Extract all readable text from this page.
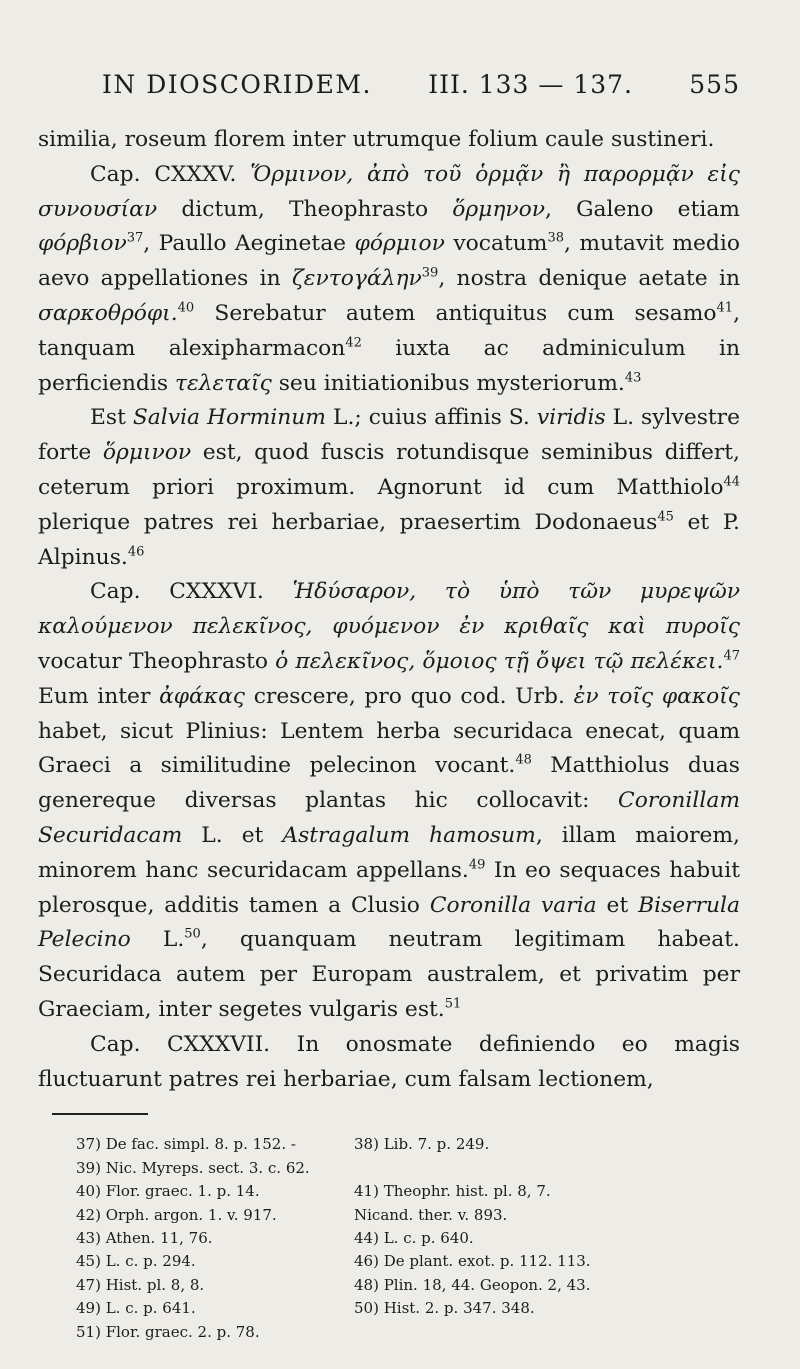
IN DIOSCORIDEM. III. 133 — 137. 555

similia, roseum florem inter utrumque folium caule sustineri.

Cap. CXXXV. Ὅρμινον, ἀπὸ τοῦ ὁρμᾷν ἢ παρορμᾷν εἰς συνουσίαν dictum, Theophrasto ὅρμηνον, Galeno etiam φόρβιον$^{37}$, Paullo Aeginetae φόρμιον vocatum$^{38}$, mutavit medio aevo appellationes in ζεντογάλην$^{39}$, nostra denique aetate in σαρκοθρόφι.$^{40}$ Serebatur autem antiquitus cum sesamo$^{41}$, tanquam alexipharmacon$^{42}$ iuxta ac adminiculum in perficiendis τελεταῖς seu initiationibus mysteriorum.$^{43}$

Est Salvia Horminum L.; cuius affinis S. viridis L. sylvestre forte ὅρμινον est, quod fuscis rotundisque seminibus differt, ceterum priori proximum. Agnorunt id cum Matthiolo$^{44}$ plerique patres rei herbariae, praesertim Dodonaeus$^{45}$ et P. Alpinus.$^{46}$

Cap. CXXXVI. Ἡδύσαρον, τὸ ὑπὸ τῶν μυρεψῶν καλούμενον πελεκῖνος, φυόμενον ἐν κριθαῖς καὶ πυροῖς vocatur Theophrasto ὁ πελεκῖνος, ὅμοιος τῇ ὄψει τῷ πελέκει.$^{47}$ Eum inter ἀφάκας crescere, pro quo cod. Urb. ἐν τοῖς φακοῖς habet, sicut Plinius: Lentem herba securidaca enecat, quam Graeci a similitudine pelecinon vocant.$^{48}$ Matthiolus duas genereque diversas plantas hic collocavit: Coronillam Securidacam L. et Astragalum hamosum, illam maiorem, minorem hanc securidacam appellans.$^{49}$ In eo sequaces habuit plerosque, additis tamen a Clusio Coronilla varia et Biserrula Pelecino L.$^{50}$, quanquam neutram legitimam habeat. Securidaca autem per Europam australem, et privatim per Graeciam, inter segetes vulgaris est.$^{51}$

Cap. CXXXVII. In onosmate definiendo eo magis fluctuarunt patres rei herbariae, cum falsam lectionem,

37) De fac. simpl. 8. p. 152. -	38) Lib. 7. p. 249.
39) Nic. Myreps. sect. 3. c. 62.
40) Flor. graec. 1. p. 14.	41) Theophr. hist. pl. 8, 7.
42) Orph. argon. 1. v. 917.	Nicand. ther. v. 893.
43) Athen. 11, 76.	44) L. c. p. 640.
45) L. c. p. 294.	46) De plant. exot. p. 112. 113.
47) Hist. pl. 8, 8.	48) Plin. 18, 44. Geopon. 2, 43.
49) L. c. p. 641.	50) Hist. 2. p. 347. 348.
51) Flor. graec. 2. p. 78.
